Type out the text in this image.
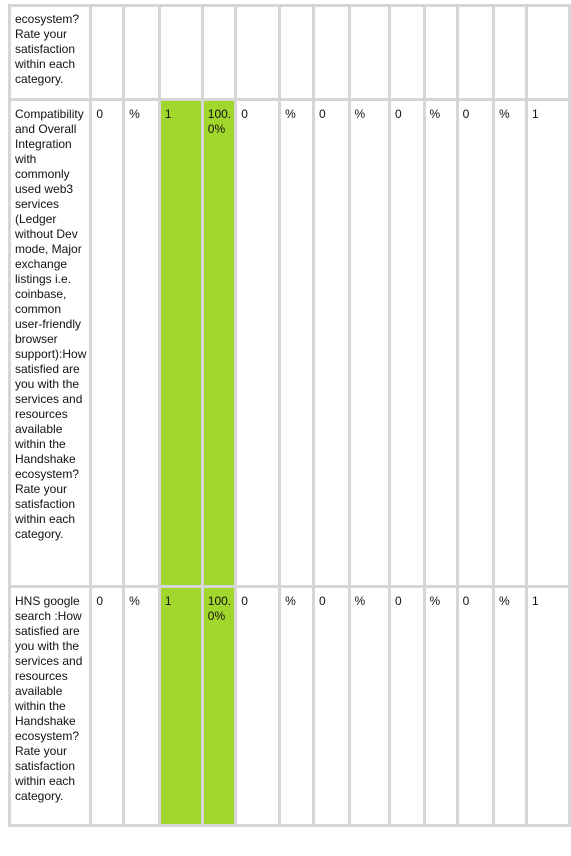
ecosystem? Rate your satisfaction within each category.													
Compatibility and Overall Integration with commonly used web3 services (Ledger without Dev mode, Major exchange listings i.e. coinbase, common user-friendly browser support):How satisfied are you with the services and resources available within the Handshake ecosystem? Rate your satisfaction within each category.	0	%	1	100.0%	0	%	0	%	0	%	0	%	1
HNS google search :How satisfied are you with the services and resources available within the Handshake ecosystem? Rate your satisfaction within each category.	0	%	1	100.0%	0	%	0	%	0	%	0	%	1
